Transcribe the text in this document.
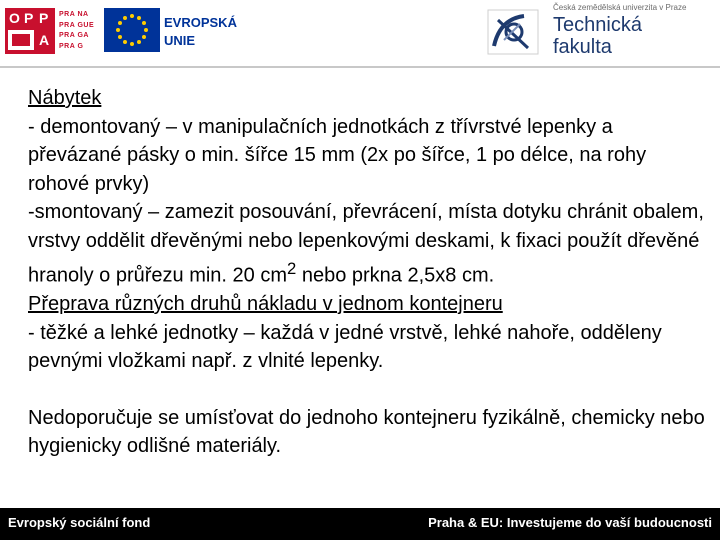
O P P
A
PRA NA
PRA GUE
PRA GA
PRA G
EVROPSKÁ
UNIE
Česká zemědělská univerzita v Praze
Technická
fakulta

Nábytek

- demontovaný – v manipulačních jednotkách z třívrstvé lepenky a převázané pásky o min. šířce 15 mm (2x po šířce, 1 po délce, na rohy rohové prvky)

-smontovaný – zamezit posouvání, převrácení, místa dotyku chránit obalem, vrstvy oddělit dřevěnými nebo lepenkovými deskami, k fixaci použít dřevěné hranoly o průřezu min. 20 $cm^2$ nebo prkna 2,5x8 cm.

Přeprava různých druhů nákladu v jednom kontejneru

- těžké a lehké jednotky – každá v jedné vrstvě, lehké nahoře, odděleny pevnými vložkami např. z vlnité lepenky.

Nedoporučuje se umísťovat do jednoho kontejneru fyzikálně, chemicky nebo hygienicky odlišné materiály.

Evropský sociální fond	Praha & EU: Investujeme do vaší budoucnosti
